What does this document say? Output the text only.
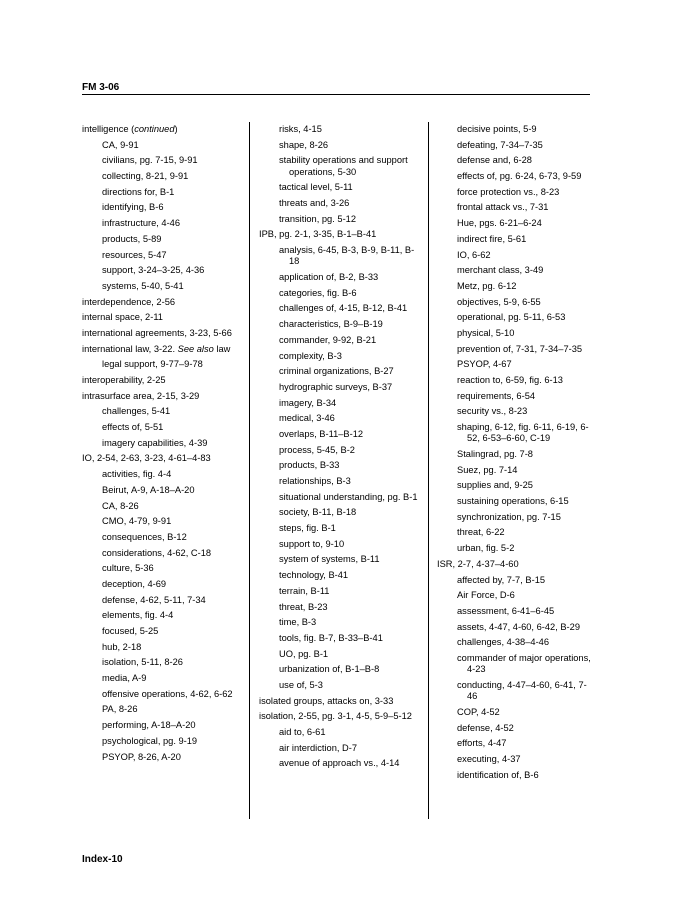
FM 3-06
intelligence (continued)
CA, 9-91
civilians, pg. 7-15, 9-91
collecting, 8-21, 9-91
directions for, B-1
identifying, B-6
infrastructure, 4-46
products, 5-89
resources, 5-47
support, 3-24–3-25, 4-36
systems, 5-40, 5-41
interdependence, 2-56
internal space, 2-11
international agreements, 3-23, 5-66
international law, 3-22. See also law
legal support, 9-77–9-78
interoperability, 2-25
intrasurface area, 2-15, 3-29
challenges, 5-41
effects of, 5-51
imagery capabilities, 4-39
IO, 2-54, 2-63, 3-23, 4-61–4-83
activities, fig. 4-4
Beirut, A-9, A-18–A-20
CA, 8-26
CMO, 4-79, 9-91
consequences, B-12
considerations, 4-62, C-18
culture, 5-36
deception, 4-69
defense, 4-62, 5-11, 7-34
elements, fig. 4-4
focused, 5-25
hub, 2-18
isolation, 5-11, 8-26
media, A-9
offensive operations, 4-62, 6-62
PA, 8-26
performing, A-18–A-20
psychological, pg. 9-19
PSYOP, 8-26, A-20
risks, 4-15
shape, 8-26
stability operations and support operations, 5-30
tactical level, 5-11
threats and, 3-26
transition, pg. 5-12
IPB, pg. 2-1, 3-35, B-1–B-41
analysis, 6-45, B-3, B-9, B-11, B-18
application of, B-2, B-33
categories, fig. B-6
challenges of, 4-15, B-12, B-41
characteristics, B-9–B-19
commander, 9-92, B-21
complexity, B-3
criminal organizations, B-27
hydrographic surveys, B-37
imagery, B-34
medical, 3-46
overlaps, B-11–B-12
process, 5-45, B-2
products, B-33
relationships, B-3
situational understanding, pg. B-1
society, B-11, B-18
steps, fig. B-1
support to, 9-10
system of systems, B-11
technology, B-41
terrain, B-11
threat, B-23
time, B-3
tools, fig. B-7, B-33–B-41
UO, pg. B-1
urbanization of, B-1–B-8
use of, 5-3
isolated groups, attacks on, 3-33
isolation, 2-55, pg. 3-1, 4-5, 5-9–5-12
aid to, 6-61
air interdiction, D-7
avenue of approach vs., 4-14
decisive points, 5-9
defeating, 7-34–7-35
defense and, 6-28
effects of, pg. 6-24, 6-73, 9-59
force protection vs., 8-23
frontal attack vs., 7-31
Hue, pgs. 6-21–6-24
indirect fire, 5-61
IO, 6-62
merchant class, 3-49
Metz, pg. 6-12
objectives, 5-9, 6-55
operational, pg. 5-11, 6-53
physical, 5-10
prevention of, 7-31, 7-34–7-35
PSYOP, 4-67
reaction to, 6-59, fig. 6-13
requirements, 6-54
security vs., 8-23
shaping, 6-12, fig. 6-11, 6-19, 6-52, 6-53–6-60, C-19
Stalingrad, pg. 7-8
Suez, pg. 7-14
supplies and, 9-25
sustaining operations, 6-15
synchronization, pg. 7-15
threat, 6-22
urban, fig. 5-2
ISR, 2-7, 4-37–4-60
affected by, 7-7, B-15
Air Force, D-6
assessment, 6-41–6-45
assets, 4-47, 4-60, 6-42, B-29
challenges, 4-38–4-46
commander of major operations, 4-23
conducting, 4-47–4-60, 6-41, 7-46
COP, 4-52
defense, 4-52
efforts, 4-47
executing, 4-37
identification of, B-6
Index-10
